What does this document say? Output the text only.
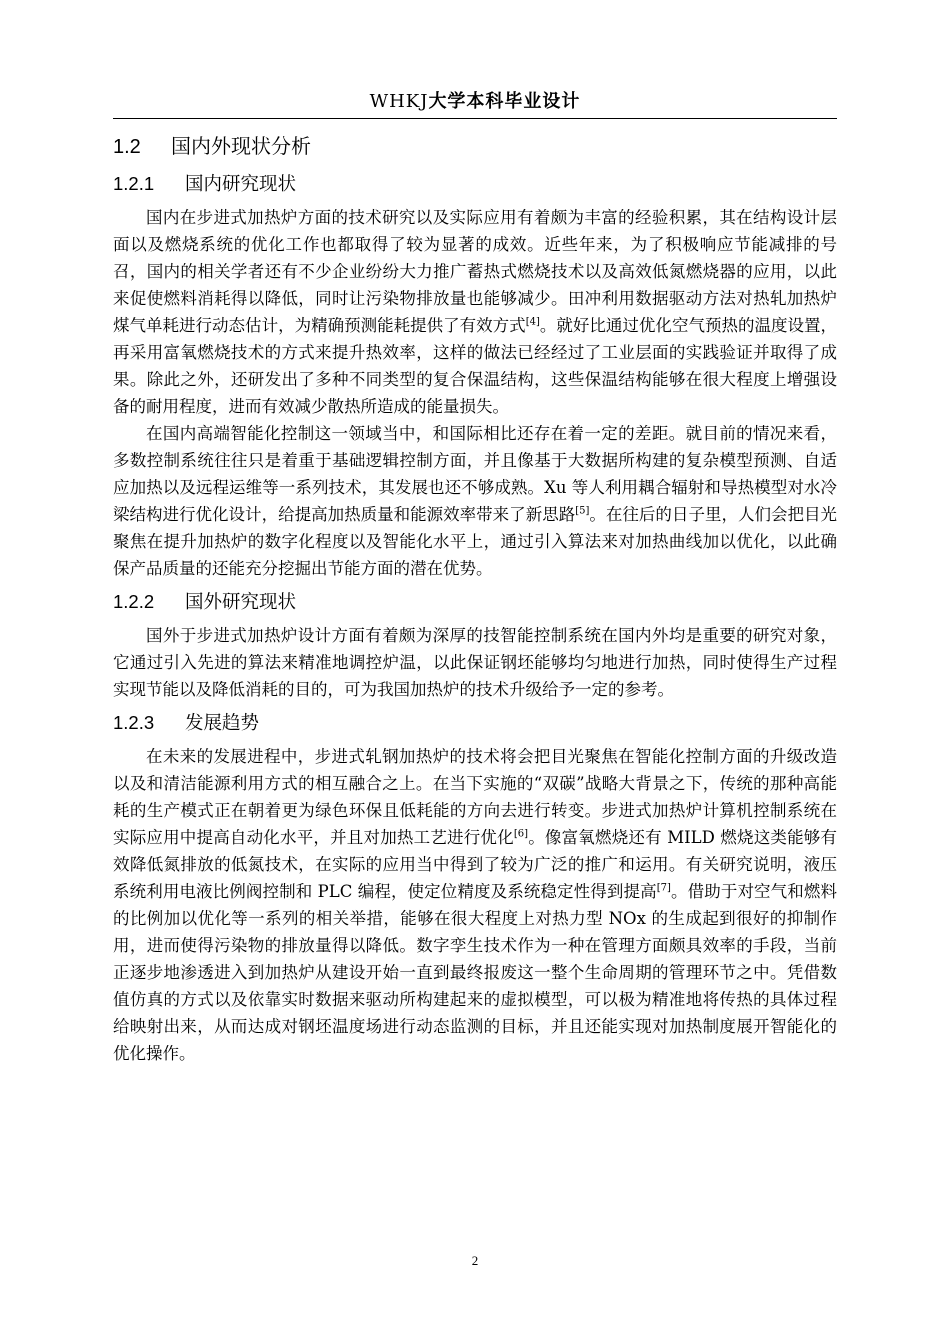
WHKJ大学本科毕业设计
1.2 国内外现状分析
1.2.1 国内研究现状

国内在步进式加热炉方面的技术研究以及实际应用有着颇为丰富的经验积累，其在结构设计层面以及燃烧系统的优化工作也都取得了较为显著的成效。近些年来，为了积极响应节能减排的号召，国内的相关学者还有不少企业纷纷大力推广蓄热式燃烧技术以及高效低氮燃烧器的应用，以此来促使燃料消耗得以降低，同时让污染物排放量也能够减少。田冲利用数据驱动方法对热轧加热炉煤气单耗进行动态估计，为精确预测能耗提供了有效方式[4]。就好比通过优化空气预热的温度设置，再采用富氧燃烧技术的方式来提升热效率，这样的做法已经经过了工业层面的实践验证并取得了成果。除此之外，还研发出了多种不同类型的复合保温结构，这些保温结构能够在很大程度上增强设备的耐用程度，进而有效减少散热所造成的能量损失。

在国内高端智能化控制这一领域当中，和国际相比还存在着一定的差距。就目前的情况来看，多数控制系统往往只是着重于基础逻辑控制方面，并且像基于大数据所构建的复杂模型预测、自适应加热以及远程运维等一系列技术，其发展也还不够成熟。Xu 等人利用耦合辐射和导热模型对水冷梁结构进行优化设计，给提高加热质量和能源效率带来了新思路[5]。在往后的日子里，人们会把目光聚焦在提升加热炉的数字化程度以及智能化水平上，通过引入算法来对加热曲线加以优化，以此确保产品质量的还能充分挖掘出节能方面的潜在优势。

1.2.2 国外研究现状

国外于步进式加热炉设计方面有着颇为深厚的技智能控制系统在国内外均是重要的研究对象，它通过引入先进的算法来精准地调控炉温，以此保证钢坯能够均匀地进行加热，同时使得生产过程实现节能以及降低消耗的目的，可为我国加热炉的技术升级给予一定的参考。

1.2.3 发展趋势

在未来的发展进程中，步进式轧钢加热炉的技术将会把目光聚焦在智能化控制方面的升级改造以及和清洁能源利用方式的相互融合之上。在当下实施的“双碳”战略大背景之下，传统的那种高能耗的生产模式正在朝着更为绿色环保且低耗能的方向去进行转变。步进式加热炉计算机控制系统在实际应用中提高自动化水平，并且对加热工艺进行优化[6]。像富氧燃烧还有 MILD 燃烧这类能够有效降低氮排放的低氮技术，在实际的应用当中得到了较为广泛的推广和运用。有关研究说明，液压系统利用电液比例阀控制和 PLC 编程，使定位精度及系统稳定性得到提高[7]。借助于对空气和燃料的比例加以优化等一系列的相关举措，能够在很大程度上对热力型 NOx 的生成起到很好的抑制作用，进而使得污染物的排放量得以降低。数字孪生技术作为一种在管理方面颇具效率的手段，当前正逐步地渗透进入到加热炉从建设开始一直到最终报废这一整个生命周期的管理环节之中。凭借数值仿真的方式以及依靠实时数据来驱动所构建起来的虚拟模型，可以极为精准地将传热的具体过程给映射出来，从而达成对钢坯温度场进行动态监测的目标，并且还能实现对加热制度展开智能化的优化操作。

2
